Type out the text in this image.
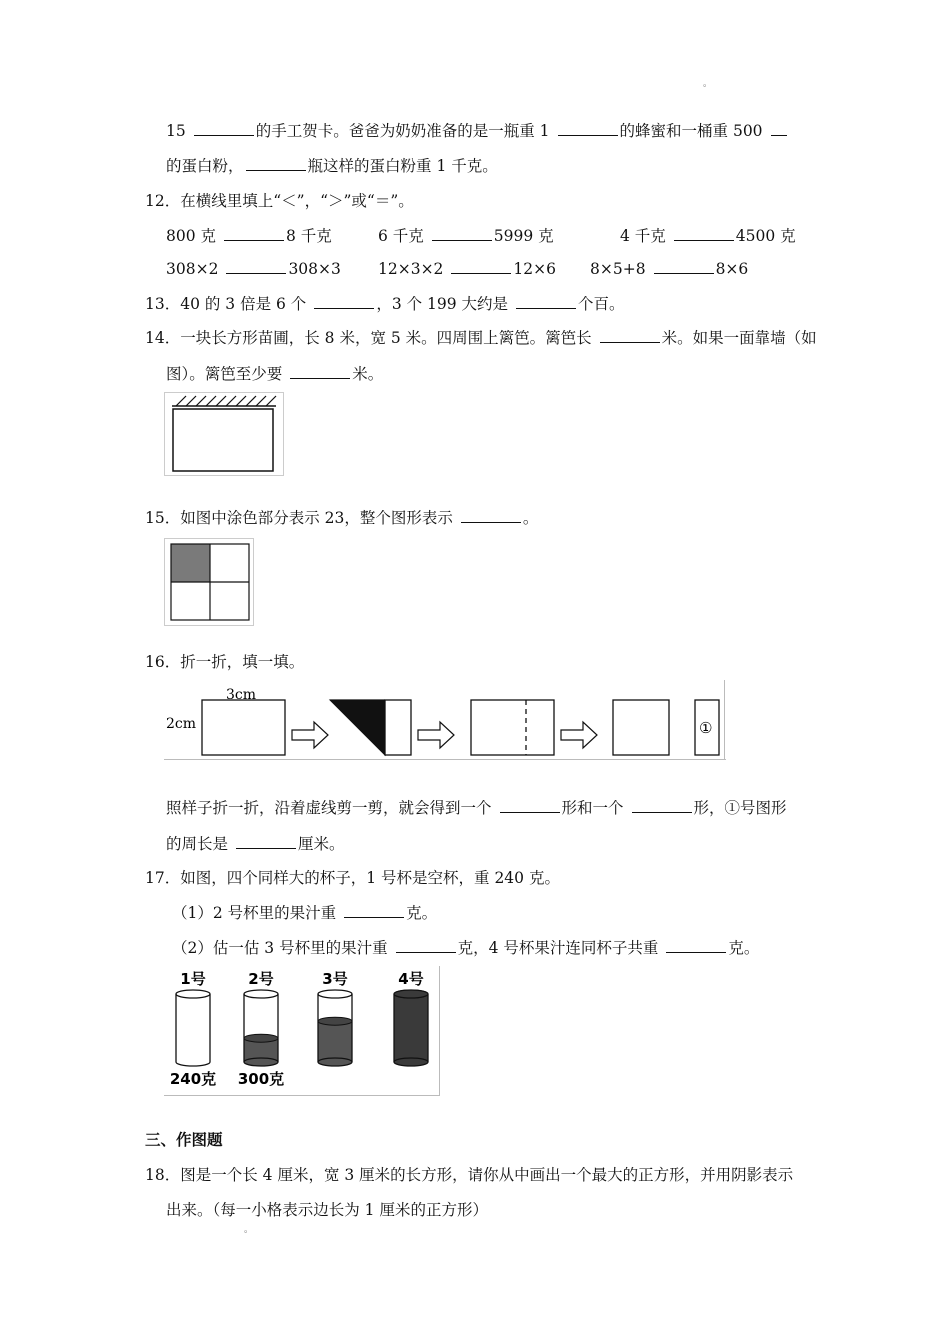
。
15	的手工贺卡。爸爸为奶奶准备的是一瓶重 1	的蜂蜜和一桶重 500
的蛋白粉，	瓶这样的蛋白粉重 1 千克。
12．在横线里填上“＜”，“＞”或“＝”。
800 克	8 千克	6 千克	5999 克	4 千克	4500 克
308×2	308×3 12×3×2	12×6 8×5+8	8×6
13．40 的 3 倍是 6 个	，3 个 199 大约是	个百。
14．一块长方形苗圃，长 8 米，宽 5 米。四周围上篱笆。篱笆长	米。如果一面靠墙（如
图）。篱笆至少要	米。
15．如图中涂色部分表示 23，整个图形表示	。
16．折一折，填一填。
3cm
2cm	①
照样子折一折，沿着虚线剪一剪，就会得到一个	形和一个	形，①号图形
的周长是	厘米。
17．如图，四个同样大的杯子，1 号杯是空杯，重 240 克。
（1）2 号杯里的果汁重	克。
（2）估一估 3 号杯里的果汁重	克，4 号杯果汁连同杯子共重	克。
1号
240克
2号
300克
3号	4号
三、作图题
18．图是一个长 4 厘米，宽 3 厘米的长方形，请你从中画出一个最大的正方形，并用阴影表示
出来。（每一小格表示边长为 1 厘米的正方形）
。
